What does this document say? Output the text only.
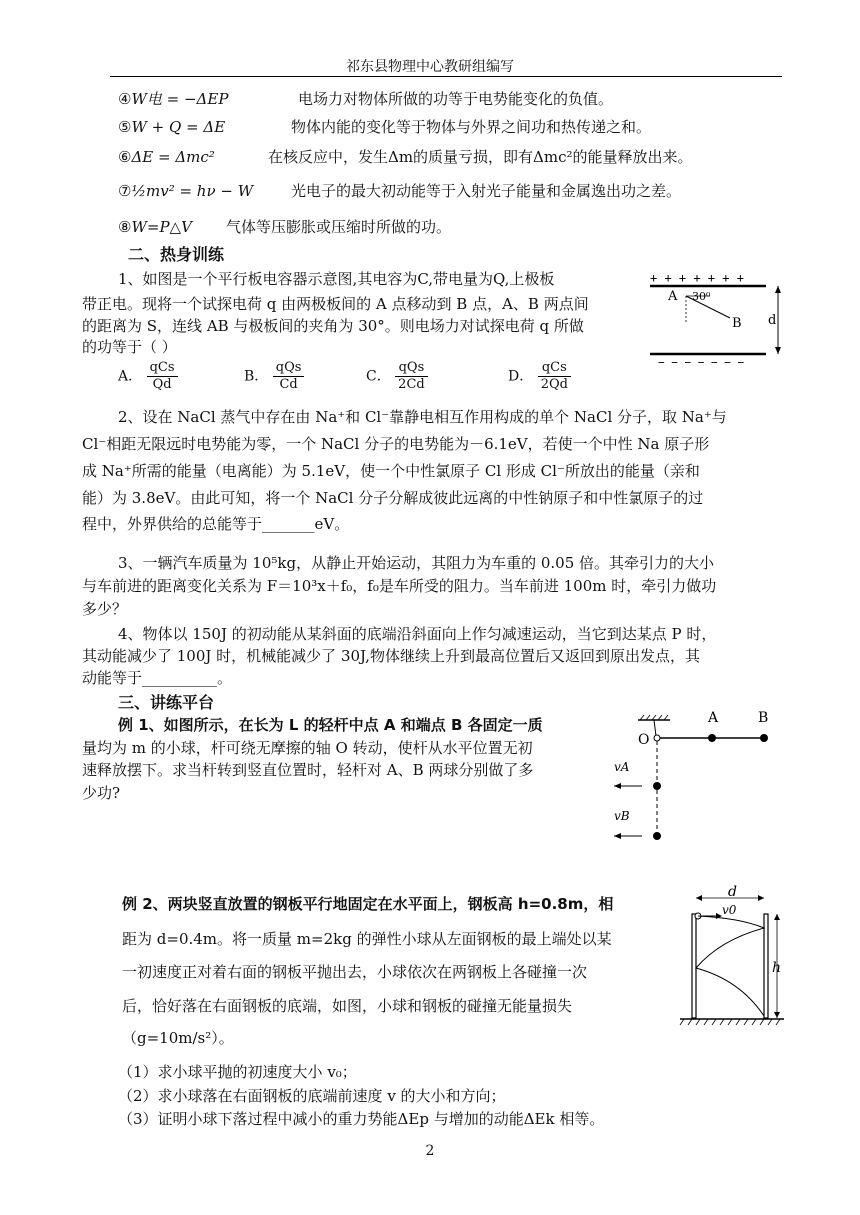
祁东县物理中心教研组编写
④W电 = −ΔEP	电场力对物体所做的功等于电势能变化的负值。
⑤W + Q = ΔE	物体内能的变化等于物体与外界之间功和热传递之和。
⑥ΔE = Δmc²	在核反应中，发生Δm的质量亏损，即有Δmc²的能量释放出来。
⑦½mv² = hν − W	光电子的最大初动能等于入射光子能量和金属逸出功之差。
⑧W=P△V 气体等压膨胀或压缩时所做的功。
二、热身训练
1、如图是一个平行板电容器示意图,其电容为C,带电量为Q,上极板
带正电。现将一个试探电荷 q 由两极板间的 A 点移动到 B 点，A、B 两点间
的距离为 S，连线 AB 与极板间的夹角为 30°。则电场力对试探电荷 q 所做
的功等于（ ）
A． $\frac{\text{qCs}}{Qd}$	B． $\frac{\text{qQs}}{Cd}$	C． $\frac{\text{qQs}}{2Cd}$	D． $\frac{\text{qCs}}{2Qd}$
+ + + + + + +
− − − − − − −
A 30⁰
B d
2、设在 NaCl 蒸气中存在由 Na⁺和 Cl⁻靠静电相互作用构成的单个 NaCl 分子，取 Na⁺与
Cl⁻相距无限远时电势能为零，一个 NaCl 分子的电势能为－6.1eV，若使一个中性 Na 原子形
成 Na⁺所需的能量（电离能）为 5.1eV，使一个中性氯原子 Cl 形成 Cl⁻所放出的能量（亲和
能）为 3.8eV。由此可知，将一个 NaCl 分子分解成彼此远离的中性钠原子和中性氯原子的过
程中，外界供给的总能等于_______eV。
3、一辆汽车质量为 10⁵kg，从静止开始运动，其阻力为车重的 0.05 倍。其牵引力的大小
与车前进的距离变化关系为 F＝10³x＋f₀，f₀是车所受的阻力。当车前进 100m 时，牵引力做功
多少？
4、物体以 150J 的初动能从某斜面的底端沿斜面向上作匀减速运动，当它到达某点 P 时，
其动能减少了 100J 时，机械能减少了 30J,物体继续上升到最高位置后又返回到原出发点，其
动能等于__________。
三、讲练平台
例 1、如图所示，在长为 L 的轻杆中点 A 和端点 B 各固定一质
量均为 m 的小球，杆可绕无摩擦的轴 O 转动，使杆从水平位置无初
速释放摆下。求当杆转到竖直位置时，轻杆对 A、B 两球分别做了多
少功?
O
A	B
vA
vB
例 2、两块竖直放置的钢板平行地固定在水平面上，钢板高 h=0.8m，相
距为 d=0.4m。将一质量 m=2kg 的弹性小球从左面钢板的最上端处以某
一初速度正对着右面的钢板平抛出去，小球依次在两钢板上各碰撞一次
后，恰好落在右面钢板的底端，如图，小球和钢板的碰撞无能量损失
（g=10m/s²）。
（1）求小球平抛的初速度大小 v₀；
（2）求小球落在右面钢板的底端前速度 v 的大小和方向；
（3）证明小球下落过程中减小的重力势能ΔEp 与增加的动能ΔEk 相等。
d
v0
h
2
